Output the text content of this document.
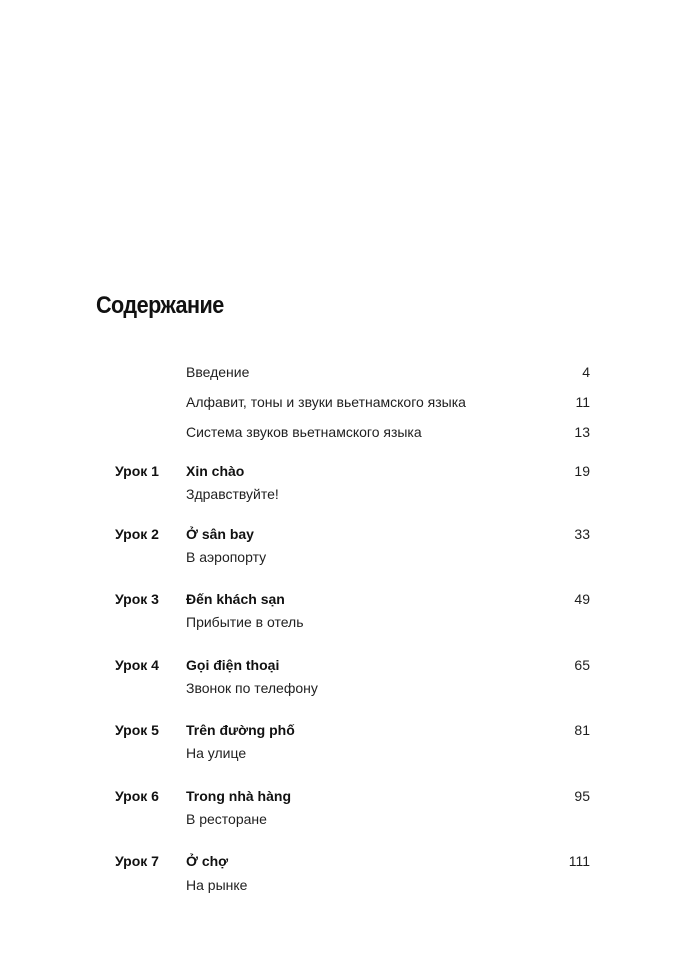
Содержание
Введение	4
Алфавит, тоны и звуки вьетнамского языка	11
Система звуков вьетнамского языка	13
Урок 1 Xin chào	19
Здравствуйте!
Урок 2 Ở sân bay	33
В аэропорту
Урок 3 Đến khách sạn	49
Прибытие в отель
Урок 4 Gọi điện thoại	65
Звонок по телефону
Урок 5 Trên đường phố	81
На улице
Урок 6 Trong nhà hàng	95
В ресторане
Урок 7 Ở chợ	111
На рынке
